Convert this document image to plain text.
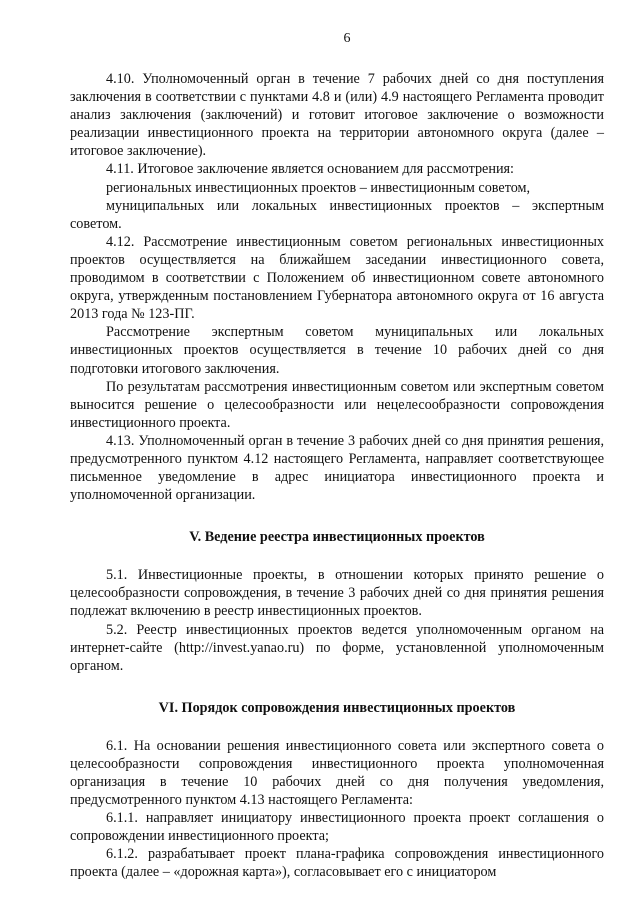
6

4.10. Уполномоченный орган в течение 7 рабочих дней со дня поступления заключения в соответствии с пунктами 4.8 и (или) 4.9 настоящего Регламента проводит анализ заключения (заключений) и готовит итоговое заключение о возможности реализации инвестиционного проекта на территории автономного округа (далее – итоговое заключение).

4.11. Итоговое заключение является основанием для рассмотрения:

региональных инвестиционных проектов – инвестиционным советом,

муниципальных или локальных инвестиционных проектов – экспертным советом.

4.12. Рассмотрение инвестиционным советом региональных инвестиционных проектов осуществляется на ближайшем заседании инвестиционного совета, проводимом в соответствии с Положением об инвестиционном совете автономного округа, утвержденным постановлением Губернатора автономного округа от 16 августа 2013 года № 123-ПГ.

Рассмотрение экспертным советом муниципальных или локальных инвестиционных проектов осуществляется в течение 10 рабочих дней со дня подготовки итогового заключения.

По результатам рассмотрения инвестиционным советом или экспертным советом выносится решение о целесообразности или нецелесообразности сопровождения инвестиционного проекта.

4.13. Уполномоченный орган в течение 3 рабочих дней со дня принятия решения, предусмотренного пунктом 4.12 настоящего Регламента, направляет соответствующее письменное уведомление в адрес инициатора инвестиционного проекта и уполномоченной организации.

V. Ведение реестра инвестиционных проектов

5.1. Инвестиционные проекты, в отношении которых принято решение о целесообразности сопровождения, в течение 3 рабочих дней со дня принятия решения подлежат включению в реестр инвестиционных проектов.

5.2. Реестр инвестиционных проектов ведется уполномоченным органом на интернет-сайте (http://invest.yanao.ru) по форме, установленной уполномоченным органом.

VI. Порядок сопровождения инвестиционных проектов

6.1. На основании решения инвестиционного совета или экспертного совета о целесообразности сопровождения инвестиционного проекта уполномоченная организация в течение 10 рабочих дней со дня получения уведомления, предусмотренного пунктом 4.13 настоящего Регламента:

6.1.1. направляет инициатору инвестиционного проекта проект соглашения о сопровождении инвестиционного проекта;

6.1.2. разрабатывает проект плана-графика сопровождения инвестиционного проекта (далее – «дорожная карта»), согласовывает его с инициатором
